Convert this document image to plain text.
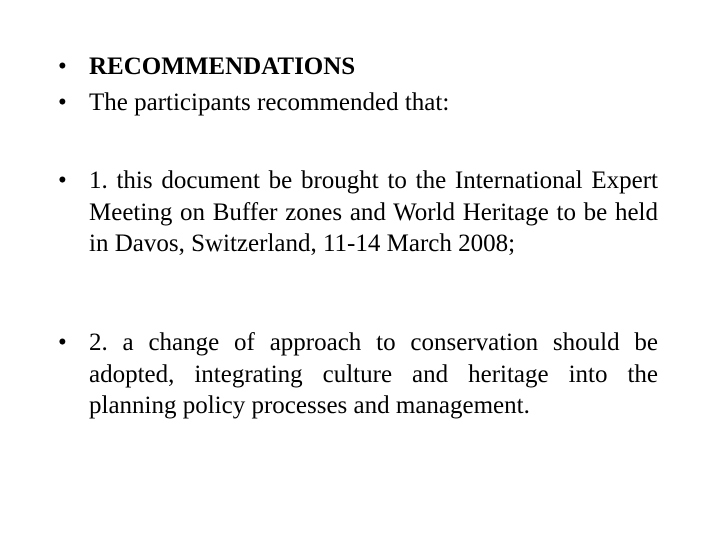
• RECOMMENDATIONS
• The participants recommended that:
• 1. this document be brought to the International Expert Meeting on Buffer zones and World Heritage to be held in Davos, Switzerland, 11-14 March 2008;
• 2. a change of approach to conservation should be adopted, integrating culture and heritage into the planning policy processes and management.
